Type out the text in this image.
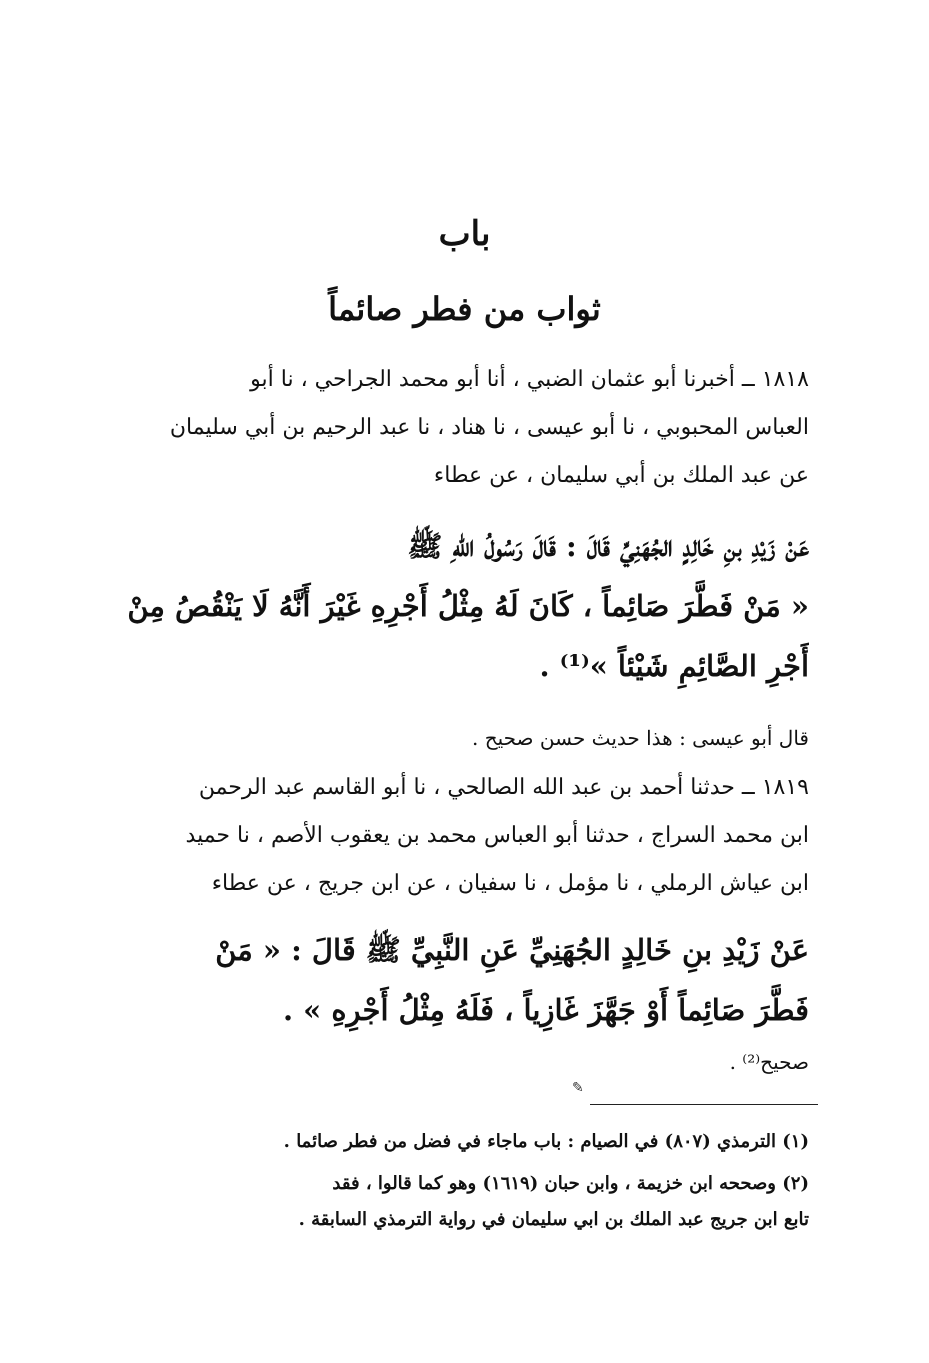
باب
ثواب من فطر صائماً
١٨١٨ ــ أخبرنا أبو عثمان الضبي ، أنا أبو محمد الجراحي ، نا أبو
العباس المحبوبي ، نا أبو عيسى ، نا هناد ، نا عبد الرحيم بن أبي سليمان
عن عبد الملك بن أبي سليمان ، عن عطاء
عَنْ زَيْدِ بنِ خَالِدٍ الجُهَنِيِّ قَالَ : قَالَ رَسُولُ اللهِ ﷺ
« مَنْ فَطَّرَ صَائِماً ، كَانَ لَهُ مِثْلُ أَجْرِهِ غَيْرَ أَنَّهُ لَا يَنْقُصُ مِنْ
أَجْرِ الصَّائِمِ شَيْئاً »⁽¹⁾ .
قال أبو عيسى : هذا حديث حسن صحيح .
١٨١٩ ــ حدثنا أحمد بن عبد الله الصالحي ، نا أبو القاسم عبد الرحمن
ابن محمد السراج ، حدثنا أبو العباس محمد بن يعقوب الأصم ، نا حميد
ابن عياش الرملي ، نا مؤمل ، نا سفيان ، عن ابن جريج ، عن عطاء
عَنْ زَيْدِ بنِ خَالِدٍ الجُهَنِيِّ عَنِ النَّبِيِّ ﷺ قَالَ : « مَنْ
فَطَّرَ صَائِماً أَوْ جَهَّزَ غَازِياً ، فَلَهُ مِثْلُ أَجْرِهِ » .
صحيح⁽²⁾ .
✎
(١) الترمذي (٨٠٧) في الصيام : باب ماجاء في فضل من فطر صائما .
(٢) وصححه ابن خزيمة ، وابن حبان (١٦١٩) وهو كما قالوا ، فقد
تابع ابن جريج عبد الملك بن ابي سليمان في رواية الترمذي السابقة .
